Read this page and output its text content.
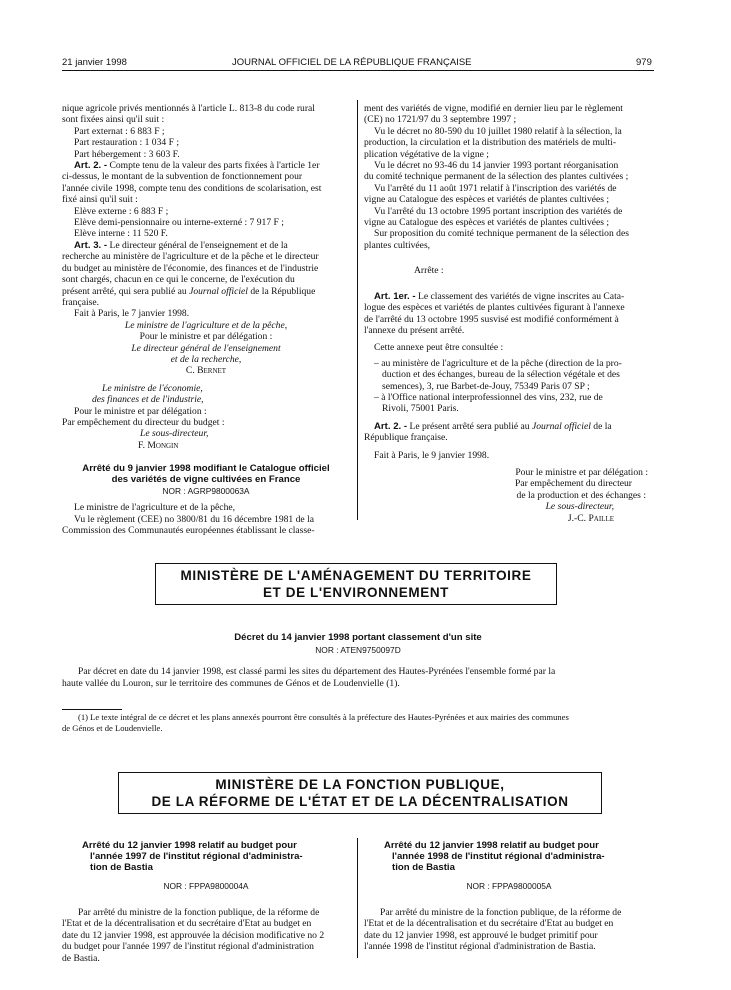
21 janvier 1998	JOURNAL OFFICIEL DE LA RÉPUBLIQUE FRANÇAISE	979
nique agricole privés mentionnés à l'article L. 813-8 du code rural
sont fixées ainsi qu'il suit :
Part externat : 6 883 F ;
Part restauration : 1 034 F ;
Part hébergement : 3 603 F.
Art. 2. - Compte tenu de la valeur des parts fixées à l'article 1er
ci-dessus, le montant de la subvention de fonctionnement pour
l'année civile 1998, compte tenu des conditions de scolarisation, est
fixé ainsi qu'il suit :
Elève externe : 6 883 F ;
Elève demi-pensionnaire ou interne-externé : 7 917 F ;
Elève interne : 11 520 F.
Art. 3. - Le directeur général de l'enseignement et de la
recherche au ministère de l'agriculture et de la pêche et le directeur
du budget au ministère de l'économie, des finances et de l'industrie
sont chargés, chacun en ce qui le concerne, de l'exécution du
présent arrêté, qui sera publié au Journal officiel de la République
française.
Fait à Paris, le 7 janvier 1998.
Le ministre de l'agriculture et de la pêche,
Pour le ministre et par délégation :
Le directeur général de l'enseignement
et de la recherche,
C. Bernet
Le ministre de l'économie,
des finances et de l'industrie,
Pour le ministre et par délégation :
Par empêchement du directeur du budget :
Le sous-directeur,
F. Mongin
Arrêté du 9 janvier 1998 modifiant le Catalogue officiel
des variétés de vigne cultivées en France
NOR : AGRP9800063A
Le ministre de l'agriculture et de la pêche,
Vu le règlement (CEE) no 3800/81 du 16 décembre 1981 de la
Commission des Communautés européennes établissant le classe-
ment des variétés de vigne, modifié en dernier lieu par le règlement
(CE) no 1721/97 du 3 septembre 1997 ;
Vu le décret no 80-590 du 10 juillet 1980 relatif à la sélection, la
production, la circulation et la distribution des matériels de multi-
plication végétative de la vigne ;
Vu le décret no 93-46 du 14 janvier 1993 portant réorganisation
du comité technique permanent de la sélection des plantes cultivées ;
Vu l'arrêté du 11 août 1971 relatif à l'inscription des variétés de
vigne au Catalogue des espèces et variétés de plantes cultivées ;
Vu l'arrêté du 13 octobre 1995 portant inscription des variétés de
vigne au Catalogue des espèces et variétés de plantes cultivées ;
Sur proposition du comité technique permanent de la sélection des
plantes cultivées,
Arrête :
Art. 1er. - Le classement des variétés de vigne inscrites au Cata-
logue des espèces et variétés de plantes cultivées figurant à l'annexe
de l'arrêté du 13 octobre 1995 susvisé est modifié conformément à
l'annexe du présent arrêté.
Cette annexe peut être consultée :
– au ministère de l'agriculture et de la pêche (direction de la pro-
duction et des échanges, bureau de la sélection végétale et des
semences), 3, rue Barbet-de-Jouy, 75349 Paris 07 SP ;
– à l'Office national interprofessionnel des vins, 232, rue de
Rivoli, 75001 Paris.
Art. 2. - Le présent arrêté sera publié au Journal officiel de la
République française.
Fait à Paris, le 9 janvier 1998.
Pour le ministre et par délégation :
Par empêchement du directeur
de la production et des échanges :
Le sous-directeur,
J.-C. Paille
MINISTÈRE DE L'AMÉNAGEMENT DU TERRITOIRE
ET DE L'ENVIRONNEMENT
Décret du 14 janvier 1998 portant classement d'un site
NOR : ATEN9750097D
Par décret en date du 14 janvier 1998, est classé parmi les sites du département des Hautes-Pyrénées l'ensemble formé par la
haute vallée du Louron, sur le territoire des communes de Génos et de Loudenvielle (1).
(1) Le texte intégral de ce décret et les plans annexés pourront être consultés à la préfecture des Hautes-Pyrénées et aux mairies des communes
de Génos et de Loudenvielle.
MINISTÈRE DE LA FONCTION PUBLIQUE,
DE LA RÉFORME DE L'ÉTAT ET DE LA DÉCENTRALISATION
Arrêté du 12 janvier 1998 relatif au budget pour
l'année 1997 de l'institut régional d'administra-
tion de Bastia
NOR : FPPA9800004A
Par arrêté du ministre de la fonction publique, de la réforme de
l'Etat et de la décentralisation et du secrétaire d'Etat au budget en
date du 12 janvier 1998, est approuvée la décision modificative no 2
du budget pour l'année 1997 de l'institut régional d'administration
de Bastia.
Arrêté du 12 janvier 1998 relatif au budget pour
l'année 1998 de l'institut régional d'administra-
tion de Bastia
NOR : FPPA9800005A
Par arrêté du ministre de la fonction publique, de la réforme de
l'Etat et de la décentralisation et du secrétaire d'Etat au budget en
date du 12 janvier 1998, est approuvé le budget primitif pour
l'année 1998 de l'institut régional d'administration de Bastia.
